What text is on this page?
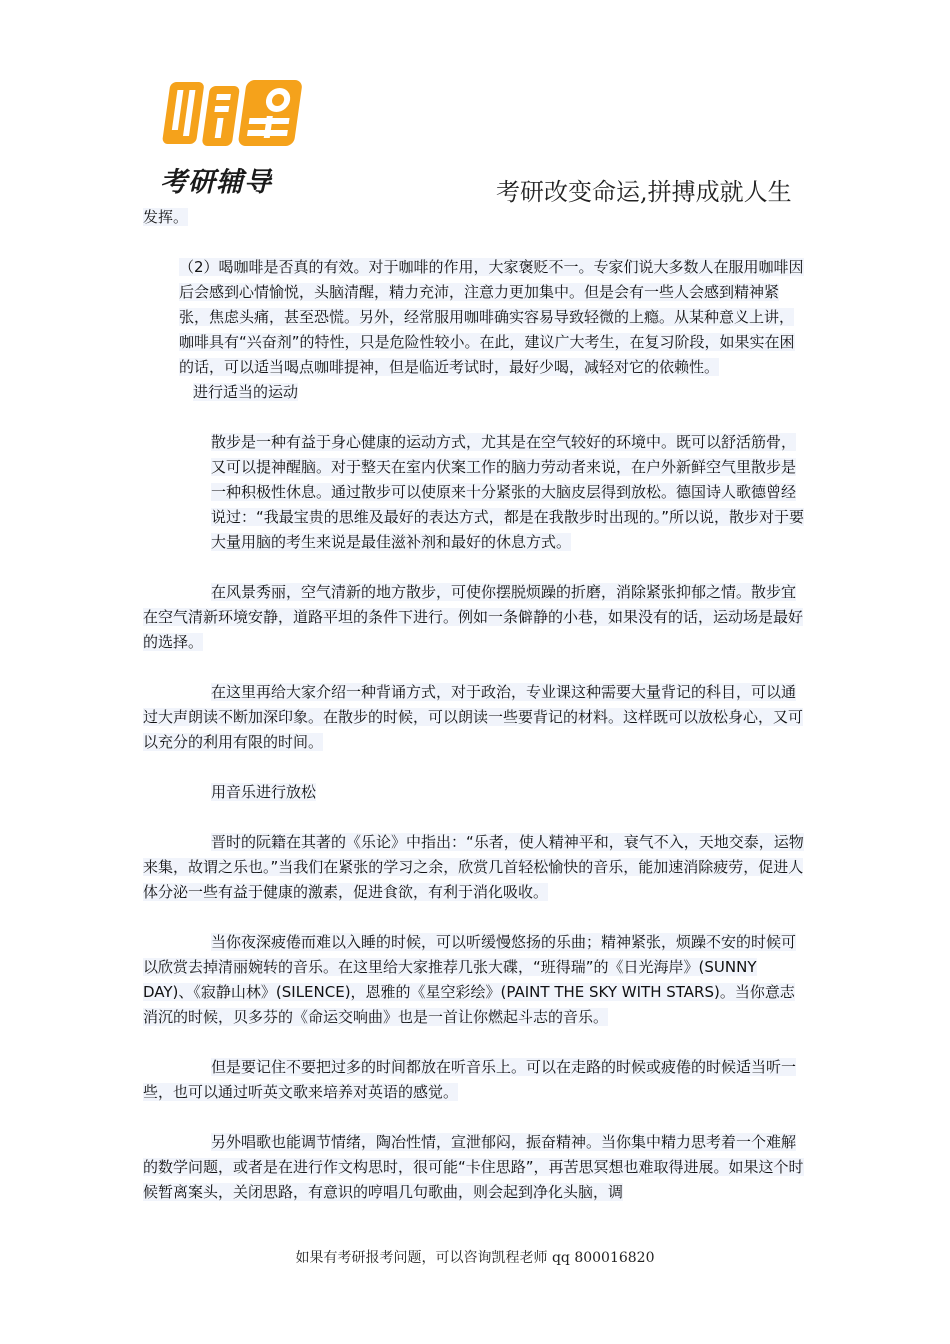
考研辅导	考研改变命运,拼搏成就人生

发挥。

（2）喝咖啡是否真的有效。对于咖啡的作用，大家褒贬不一。专家们说大多数人在服用咖啡因后会感到心情愉悦，头脑清醒，精力充沛，注意力更加集中。但是会有一些人会感到精神紧张，焦虑头痛，甚至恐慌。另外，经常服用咖啡确实容易导致轻微的上瘾。从某种意义上讲，咖啡具有“兴奋剂”的特性，只是危险性较小。在此，建议广大考生，在复习阶段，如果实在困的话，可以适当喝点咖啡提神，但是临近考试时，最好少喝，减轻对它的依赖性。

进行适当的运动

散步是一种有益于身心健康的运动方式，尤其是在空气较好的环境中。既可以舒活筋骨，又可以提神醒脑。对于整天在室内伏案工作的脑力劳动者来说，在户外新鲜空气里散步是一种积极性休息。通过散步可以使原来十分紧张的大脑皮层得到放松。德国诗人歌德曾经说过：“我最宝贵的思维及最好的表达方式，都是在我散步时出现的。”所以说，散步对于要大量用脑的考生来说是最佳滋补剂和最好的休息方式。

在风景秀丽，空气清新的地方散步，可使你摆脱烦躁的折磨，消除紧张抑郁之情。散步宜在空气清新环境安静，道路平坦的条件下进行。例如一条僻静的小巷，如果没有的话，运动场是最好的选择。

在这里再给大家介绍一种背诵方式，对于政治，专业课这种需要大量背记的科目，可以通过大声朗读不断加深印象。在散步的时候，可以朗读一些要背记的材料。这样既可以放松身心，又可以充分的利用有限的时间。

用音乐进行放松

晋时的阮籍在其著的《乐论》中指出：“乐者，使人精神平和，衰气不入，天地交泰，运物来集，故谓之乐也。”当我们在紧张的学习之余，欣赏几首轻松愉快的音乐，能加速消除疲劳，促进人体分泌一些有益于健康的激素，促进食欲，有利于消化吸收。

当你夜深疲倦而难以入睡的时候，可以听缓慢悠扬的乐曲；精神紧张，烦躁不安的时候可以欣赏去掉清丽婉转的音乐。在这里给大家推荐几张大碟，“班得瑞”的《日光海岸》(SUNNY DAY)、《寂静山林》(SILENCE)，恩雅的《星空彩绘》(PAINT THE SKY WITH STARS)。当你意志消沉的时候，贝多芬的《命运交响曲》也是一首让你燃起斗志的音乐。

但是要记住不要把过多的时间都放在听音乐上。可以在走路的时候或疲倦的时候适当听一些，也可以通过听英文歌来培养对英语的感觉。

另外唱歌也能调节情绪，陶冶性情，宣泄郁闷，振奋精神。当你集中精力思考着一个难解的数学问题，或者是在进行作文构思时，很可能“卡住思路”，再苦思冥想也难取得进展。如果这个时候暂离案头，关闭思路，有意识的哼唱几句歌曲，则会起到净化头脑，调

如果有考研报考问题，可以咨询凯程老师 qq 800016820
